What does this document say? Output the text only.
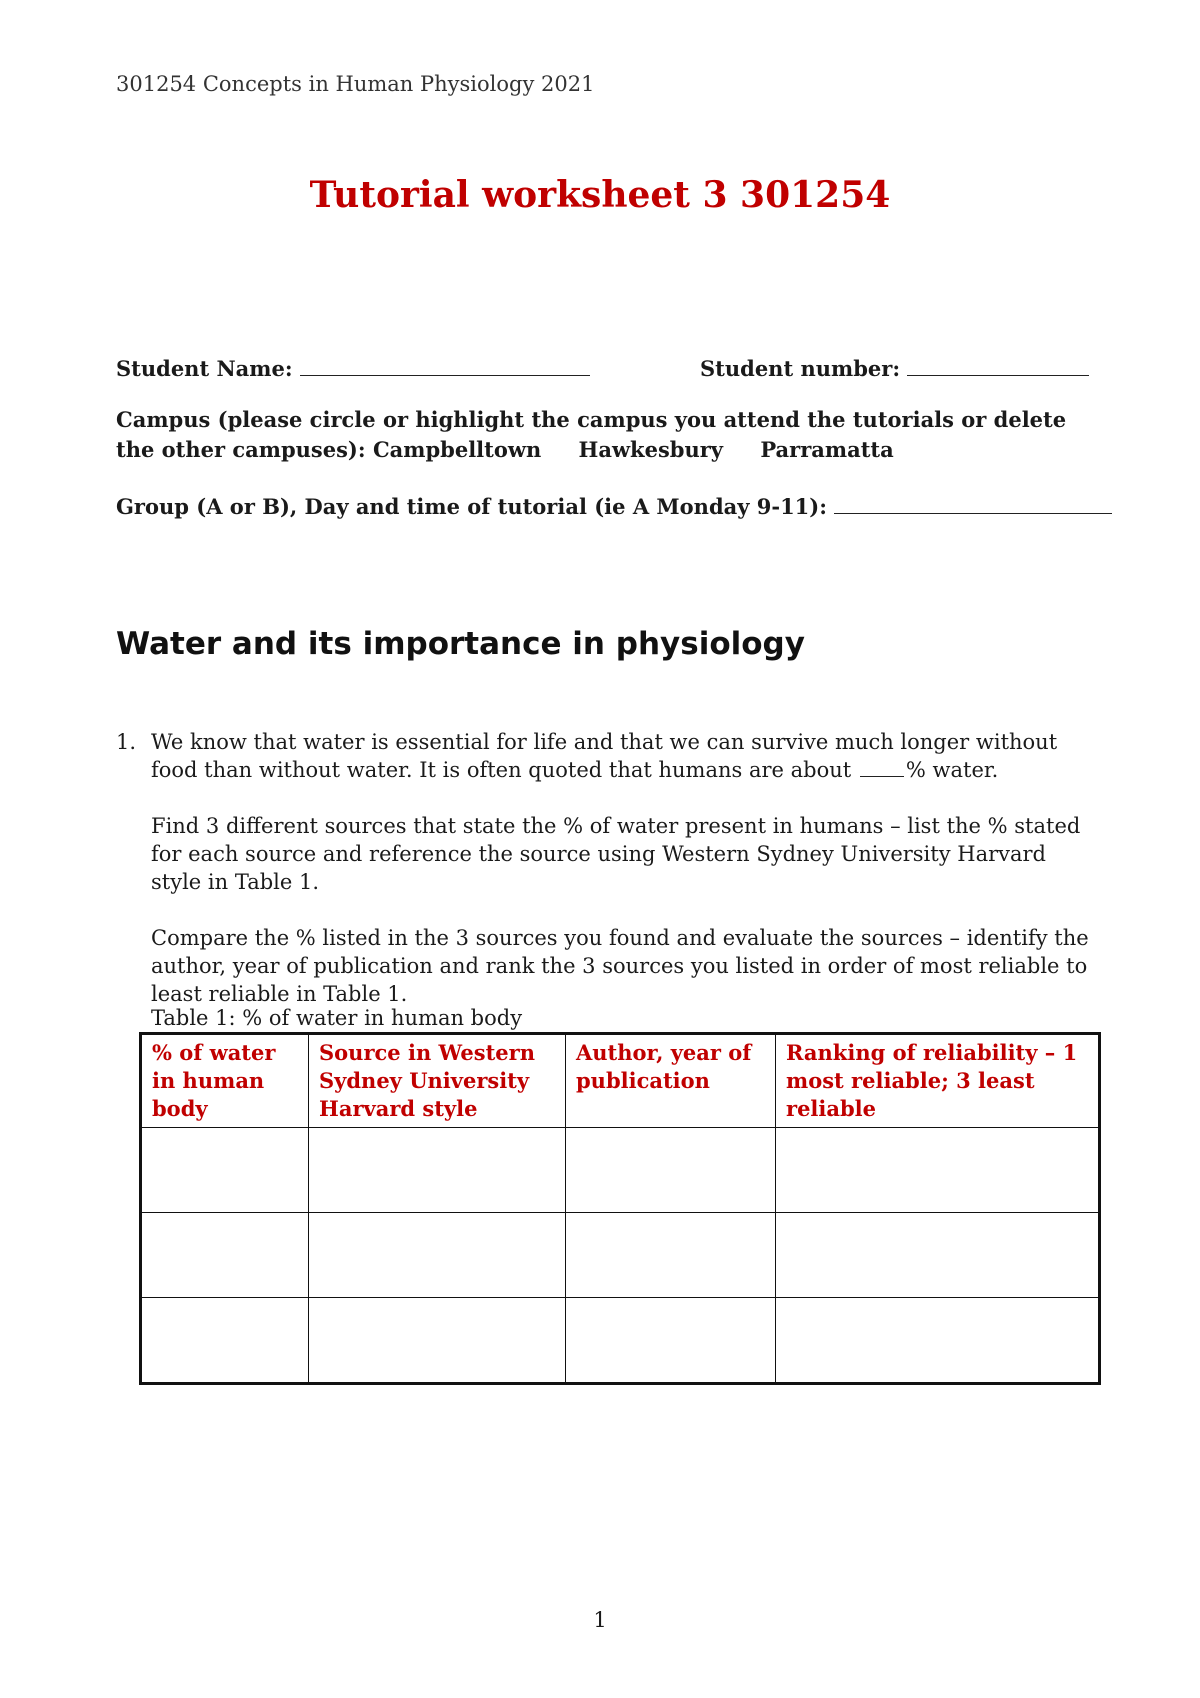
301254 Concepts in Human Physiology 2021
Tutorial worksheet 3 301254
Student Name:	Student number:
Campus (please circle or highlight the campus you attend the tutorials or delete the other campuses): Campbelltown Hawkesbury Parramatta
Group (A or B), Day and time of tutorial (ie A Monday 9-11):
Water and its importance in physiology
1. We know that water is essential for life and that we can survive much longer without food than without water. It is often quoted that humans are about	% water.

Find 3 different sources that state the % of water present in humans – list the % stated for each source and reference the source using Western Sydney University Harvard style in Table 1.

Compare the % listed in the 3 sources you found and evaluate the sources – identify the author, year of publication and rank the 3 sources you listed in order of most reliable to least reliable in Table 1.

Table 1: % of water in human body
% of water in human body	Source in Western Sydney University Harvard style	Author, year of publication	Ranking of reliability – 1 most reliable; 3 least reliable

1
